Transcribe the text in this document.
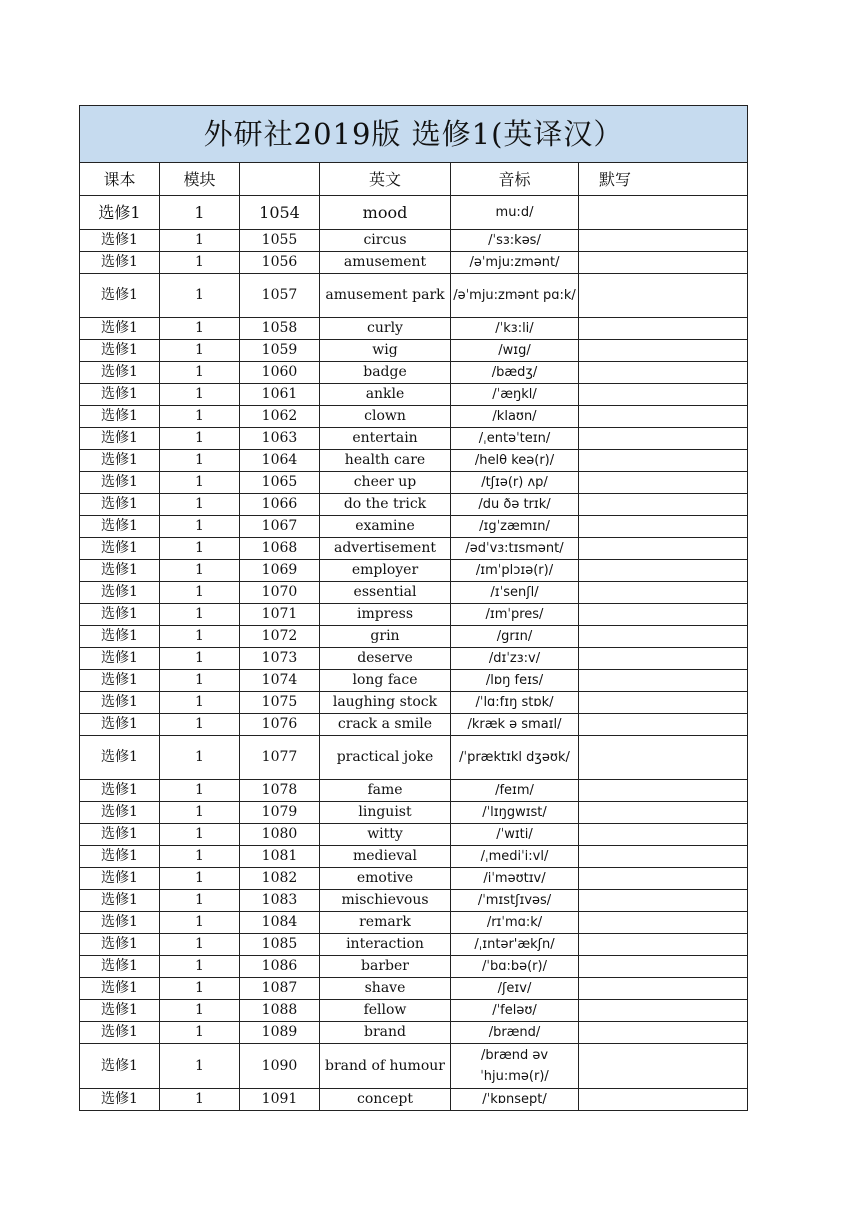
外研社2019版 选修1(英译汉）					
课本	模块		英文	音标	默写
选修1	1	1054	mood	mu:d/	
选修1	1	1055	circus	/ˈsɜ:kəs/	
选修1	1	1056	amusement	/əˈmju:zmənt/	
选修1	1	1057	amusement park	/əˈmju:zmənt pɑ:k/	
选修1	1	1058	curly	/ˈkɜ:li/	
选修1	1	1059	wig	/wɪg/	
选修1	1	1060	badge	/bædʒ/	
选修1	1	1061	ankle	/ˈæŋkl/	
选修1	1	1062	clown	/klaʊn/	
选修1	1	1063	entertain	/ˌentəˈteɪn/	
选修1	1	1064	health care	/helθ keə(r)/	
选修1	1	1065	cheer up	/tʃɪə(r) ʌp/	
选修1	1	1066	do the trick	/du ðə trɪk/	
选修1	1	1067	examine	/ɪgˈzæmɪn/	
选修1	1	1068	advertisement	/ədˈvɜ:tɪsmənt/	
选修1	1	1069	employer	/ɪmˈplɔɪə(r)/	
选修1	1	1070	essential	/ɪˈsenʃl/	
选修1	1	1071	impress	/ɪmˈpres/	
选修1	1	1072	grin	/grɪn/	
选修1	1	1073	deserve	/dɪˈzɜ:v/	
选修1	1	1074	long face	/lɒŋ feɪs/	
选修1	1	1075	laughing stock	/ˈlɑ:fɪŋ stɒk/	
选修1	1	1076	crack a smile	/kræk ə smaɪl/	
选修1	1	1077	practical joke	/ˈpræktɪkl dʒəʊk/	
选修1	1	1078	fame	/feɪm/	
选修1	1	1079	linguist	/ˈlɪŋgwɪst/	
选修1	1	1080	witty	/ˈwɪti/	
选修1	1	1081	medieval	/ˌmediˈi:vl/	
选修1	1	1082	emotive	/iˈməʊtɪv/	
选修1	1	1083	mischievous	/ˈmɪstʃɪvəs/	
选修1	1	1084	remark	/rɪˈmɑ:k/	
选修1	1	1085	interaction	/ˌɪntər'ækʃn/	
选修1	1	1086	barber	/ˈbɑ:bə(r)/	
选修1	1	1087	shave	/ʃeɪv/	
选修1	1	1088	fellow	/ˈfeləʊ/	
选修1	1	1089	brand	/brænd/	
选修1	1	1090	brand of humour	/brænd əv ˈhju:mə(r)/	
选修1	1	1091	concept	/ˈkɒnsept/	
